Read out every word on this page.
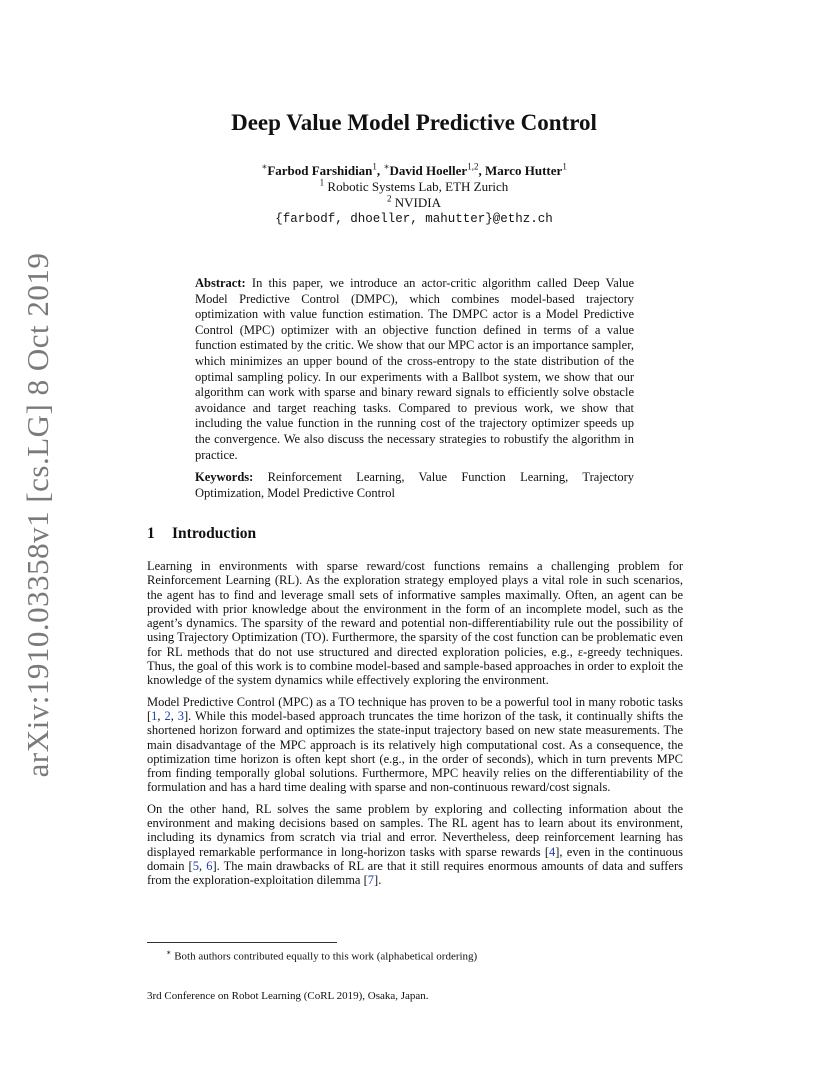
arXiv:1910.03358v1 [cs.LG] 8 Oct 2019
Deep Value Model Predictive Control
∗Farbod Farshidian$^1$, ∗David Hoeller$^{1,2}$, Marco Hutter$^1$
$^1$ Robotic Systems Lab, ETH Zurich
$^2$ NVIDIA
{farbodf, dhoeller, mahutter}@ethz.ch
Abstract: In this paper, we introduce an actor-critic algorithm called Deep Value Model Predictive Control (DMPC), which combines model-based trajectory optimization with value function estimation. The DMPC actor is a Model Predictive Control (MPC) optimizer with an objective function defined in terms of a value function estimated by the critic. We show that our MPC actor is an importance sampler, which minimizes an upper bound of the cross-entropy to the state distribution of the optimal sampling policy. In our experiments with a Ballbot system, we show that our algorithm can work with sparse and binary reward signals to efficiently solve obstacle avoidance and target reaching tasks. Compared to previous work, we show that including the value function in the running cost of the trajectory optimizer speeds up the convergence. We also discuss the necessary strategies to robustify the algorithm in practice.
Keywords: Reinforcement Learning, Value Function Learning, Trajectory Optimization, Model Predictive Control
1 Introduction

Learning in environments with sparse reward/cost functions remains a challenging problem for Reinforcement Learning (RL). As the exploration strategy employed plays a vital role in such scenarios, the agent has to find and leverage small sets of informative samples maximally. Often, an agent can be provided with prior knowledge about the environment in the form of an incomplete model, such as the agent’s dynamics. The sparsity of the reward and potential non-differentiability rule out the possibility of using Trajectory Optimization (TO). Furthermore, the sparsity of the cost function can be problematic even for RL methods that do not use structured and directed exploration policies, e.g., ε-greedy techniques. Thus, the goal of this work is to combine model-based and sample-based approaches in order to exploit the knowledge of the system dynamics while effectively exploring the environment.

Model Predictive Control (MPC) as a TO technique has proven to be a powerful tool in many robotic tasks [1, 2, 3]. While this model-based approach truncates the time horizon of the task, it continually shifts the shortened horizon forward and optimizes the state-input trajectory based on new state measurements. The main disadvantage of the MPC approach is its relatively high computational cost. As a consequence, the optimization time horizon is often kept short (e.g., in the order of seconds), which in turn prevents MPC from finding temporally global solutions. Furthermore, MPC heavily relies on the differentiability of the formulation and has a hard time dealing with sparse and non-continuous reward/cost signals.

On the other hand, RL solves the same problem by exploring and collecting information about the environment and making decisions based on samples. The RL agent has to learn about its environment, including its dynamics from scratch via trial and error. Nevertheless, deep reinforcement learning has displayed remarkable performance in long-horizon tasks with sparse rewards [4], even in the continuous domain [5, 6]. The main drawbacks of RL are that it still requires enormous amounts of data and suffers from the exploration-exploitation dilemma [7].

∗ Both authors contributed equally to this work (alphabetical ordering)
3rd Conference on Robot Learning (CoRL 2019), Osaka, Japan.
